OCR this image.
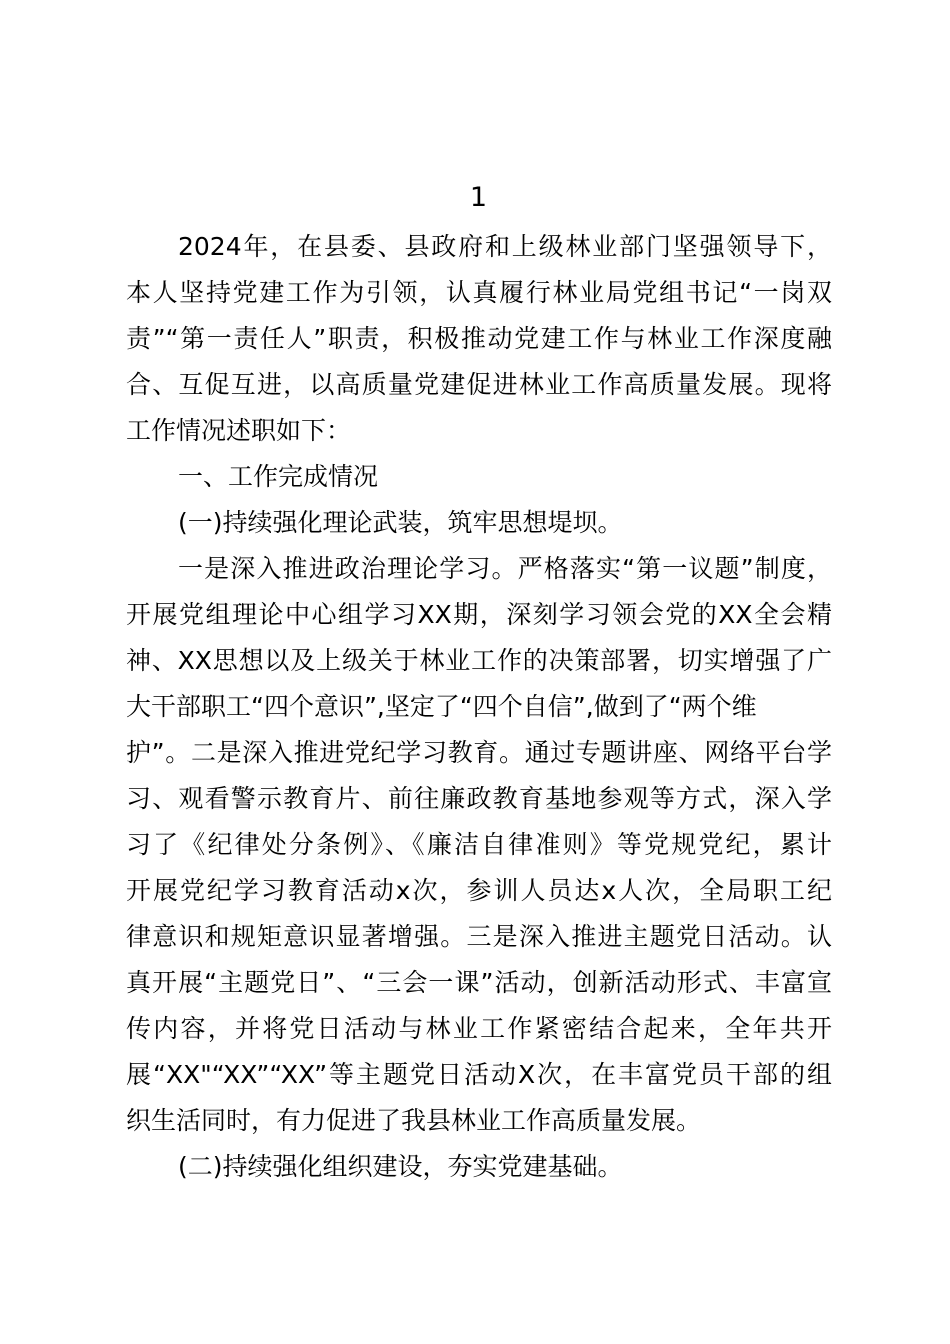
1
2024年，在县委、县政府和上级林业部门坚强领导下，
本人坚持党建工作为引领，认真履行林业局党组书记“一岗双
责”“第一责任人”职责，积极推动党建工作与林业工作深度融
合、互促互进，以高质量党建促进林业工作高质量发展。现将
工作情况述职如下：
一、工作完成情况
(一)持续强化理论武装，筑牢思想堤坝。
一是深入推进政治理论学习。严格落实“第一议题”制度，
开展党组理论中心组学习XX期，深刻学习领会党的XX全会精
神、XX思想以及上级关于林业工作的决策部署，切实增强了广
大干部职工“四个意识”,坚定了“四个自信”,做到了“两个维
护”。二是深入推进党纪学习教育。通过专题讲座、网络平台学
习、观看警示教育片、前往廉政教育基地参观等方式，深入学
习了《纪律处分条例》、《廉洁自律准则》等党规党纪，累计
开展党纪学习教育活动x次，参训人员达x人次，全局职工纪
律意识和规矩意识显著增强。三是深入推进主题党日活动。认
真开展“主题党日”、“三会一课”活动，创新活动形式、丰富宣
传内容，并将党日活动与林业工作紧密结合起来，全年共开
展“XX"“XX”“XX”等主题党日活动X次，在丰富党员干部的组
织生活同时，有力促进了我县林业工作高质量发展。
(二)持续强化组织建设，夯实党建基础。
